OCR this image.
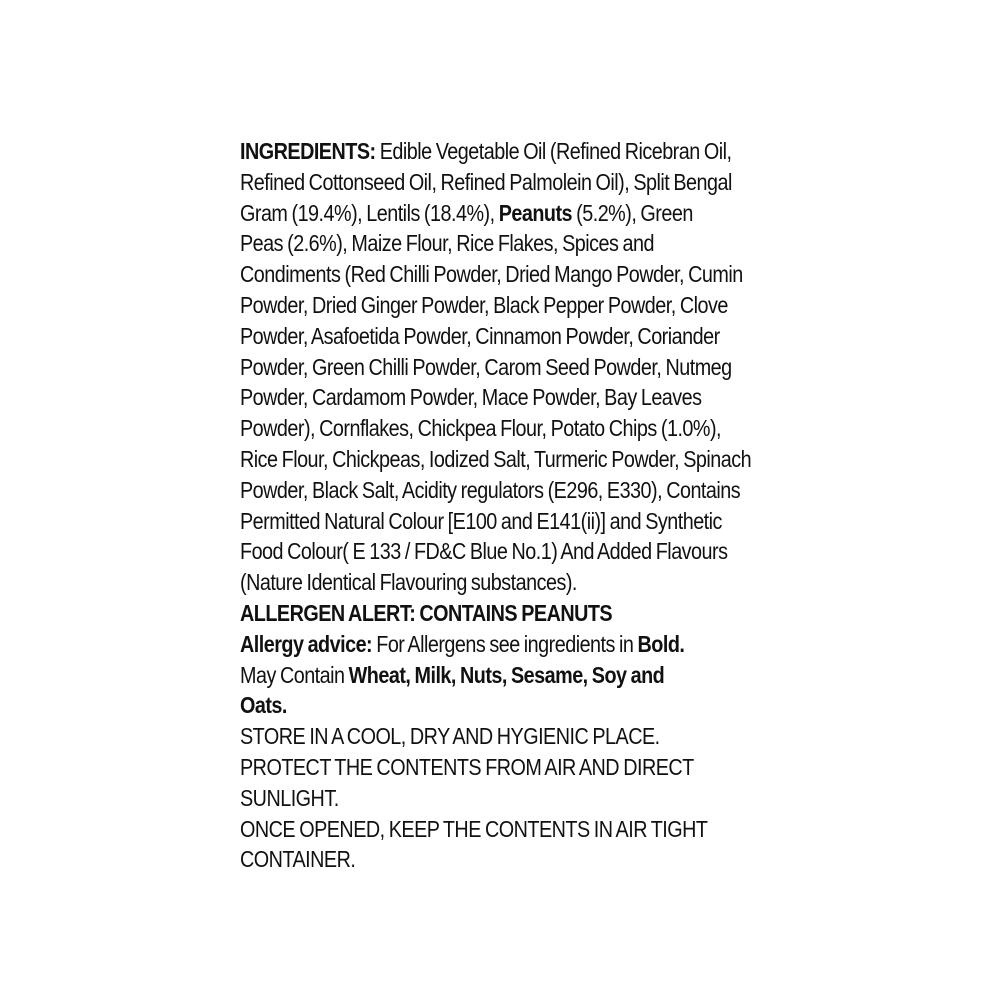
INGREDIENTS: Edible Vegetable Oil (Refined Ricebran Oil,
Refined Cottonseed Oil, Refined Palmolein Oil), Split Bengal
Gram (19.4%), Lentils (18.4%), Peanuts (5.2%), Green
Peas (2.6%), Maize Flour, Rice Flakes, Spices and
Condiments (Red Chilli Powder, Dried Mango Powder, Cumin
Powder, Dried Ginger Powder, Black Pepper Powder, Clove
Powder, Asafoetida Powder, Cinnamon Powder, Coriander
Powder, Green Chilli Powder, Carom Seed Powder, Nutmeg
Powder, Cardamom Powder, Mace Powder, Bay Leaves
Powder), Cornflakes, Chickpea Flour, Potato Chips (1.0%),
Rice Flour, Chickpeas, Iodized Salt, Turmeric Powder, Spinach
Powder, Black Salt, Acidity regulators (E296, E330), Contains
Permitted Natural Colour [E100 and E141(ii)] and Synthetic
Food Colour( E 133 / FD&C Blue No.1) And Added Flavours
(Nature Identical Flavouring substances).
ALLERGEN ALERT: CONTAINS PEANUTS
Allergy advice: For Allergens see ingredients in Bold.
May Contain Wheat, Milk, Nuts, Sesame, Soy and
Oats.
STORE IN A COOL, DRY AND HYGIENIC PLACE.
PROTECT THE CONTENTS FROM AIR AND DIRECT
SUNLIGHT.
ONCE OPENED, KEEP THE CONTENTS IN AIR TIGHT
CONTAINER.
